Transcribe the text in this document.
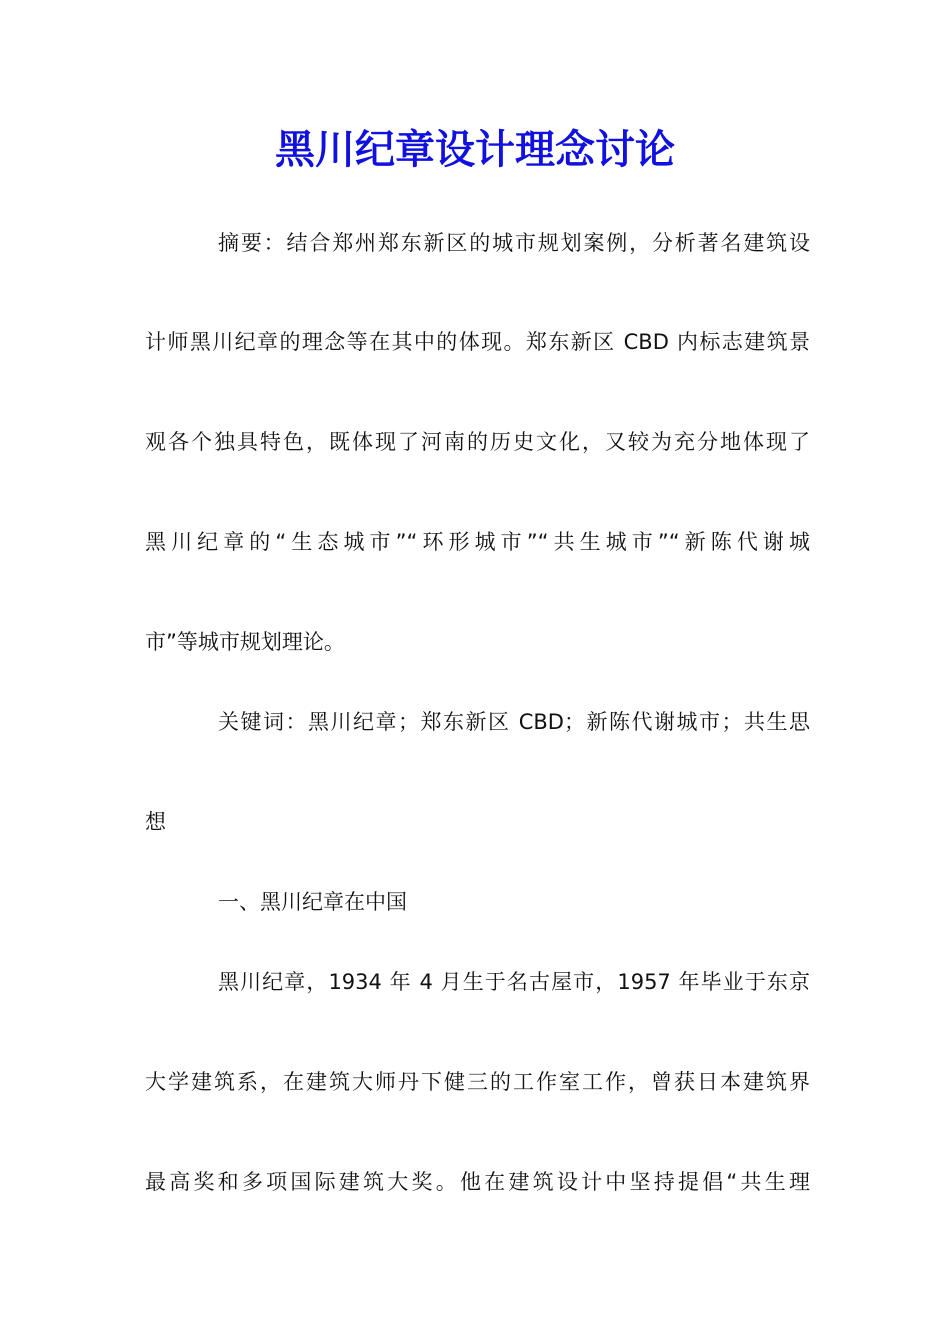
黑川纪章设计理念讨论
摘要：结合郑州郑东新区的城市规划案例，分析著名建筑设
计师黑川纪章的理念等在其中的体现。郑东新区 CBD 内标志建筑景
观各个独具特色，既体现了河南的历史文化，又较为充分地体现了
黑川纪章的“生态城市”“环形城市”“共生城市”“新陈代谢城
市”等城市规划理论。
关键词：黑川纪章；郑东新区 CBD；新陈代谢城市；共生思
想
一、黑川纪章在中国
黑川纪章，1934 年 4 月生于名古屋市，1957 年毕业于东京
大学建筑系，在建筑大师丹下健三的工作室工作，曾获日本建筑界
最高奖和多项国际建筑大奖。他在建筑设计中坚持提倡“共生理
